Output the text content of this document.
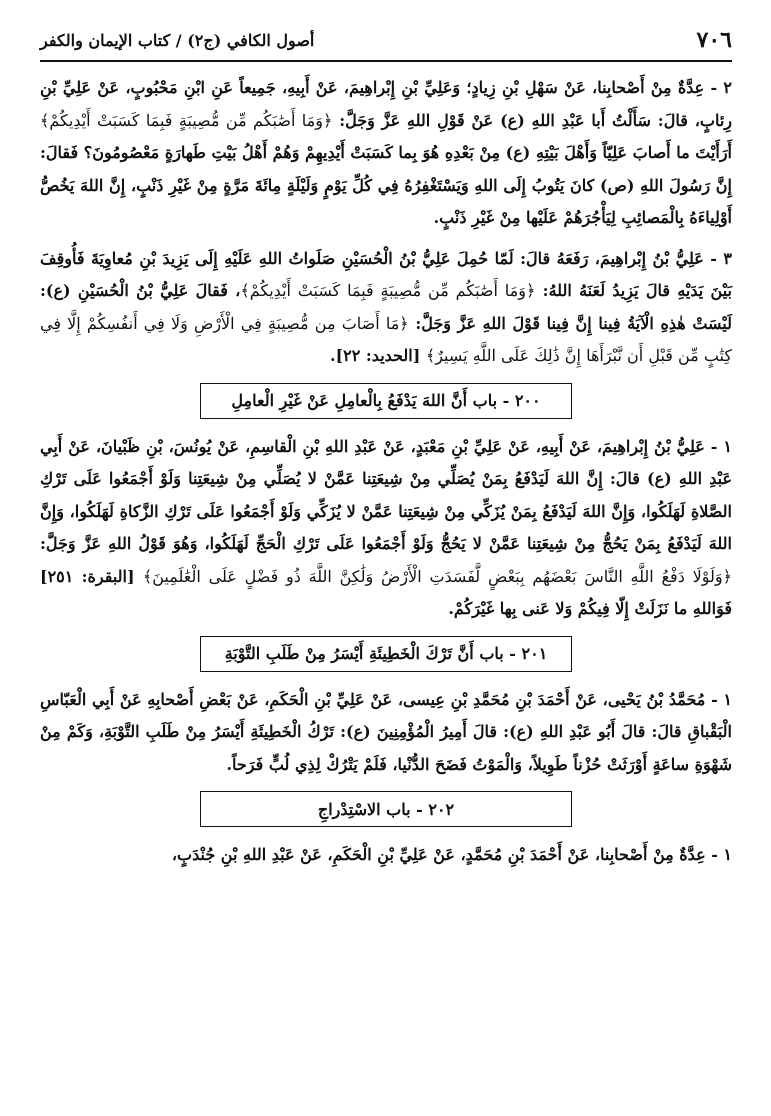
٧٠٦
أصول الكافي (ج٢) / كتاب الإيمان والكفر

٢ - عِدَّةٌ مِنْ أَصْحابِنا، عَنْ سَهْلِ بْنِ زِيادٍ؛ وَعَلِيِّ بْنِ إِبْراهِيمَ، عَنْ أَبِيهِ، جَمِيعاً عَنِ ابْنِ مَحْبُوبٍ، عَنْ عَلِيِّ بْنِ رِئابٍ، قالَ: سَأَلْتُ أَبا عَبْدِ اللهِ (ع) عَنْ قَوْلِ اللهِ عَزَّ وَجَلَّ: ﴿وَمَا أَصَٰبَكُم مِّن مُّصِيبَةٍ فَبِمَا كَسَبَتْ أَيْدِيكُمْ﴾ أَرَأَيْتَ ما أَصابَ عَلِيّاً وَأَهْلَ بَيْتِهِ (ع) مِنْ بَعْدِهِ هُوَ بِما كَسَبَتْ أَيْدِيهِمْ وَهُمْ أَهْلُ بَيْتِ طَهارَةٍ مَعْصُومُونَ؟ فَقالَ: إِنَّ رَسُولَ اللهِ (ص) كانَ يَتُوبُ إِلَى اللهِ وَيَسْتَغْفِرُهُ فِي كُلِّ يَوْمٍ وَلَيْلَةٍ مِائَةَ مَرَّةٍ مِنْ غَيْرِ ذَنْبٍ، إِنَّ اللهَ يَخُصُّ أَوْلِياءَهُ بِالْمَصائِبِ لِيَأْجُرَهُمْ عَلَيْها مِنْ غَيْرِ ذَنْبٍ.

٣ - عَلِيُّ بْنُ إِبْراهِيمَ، رَفَعَهُ قالَ: لَمّا حُمِلَ عَلِيُّ بْنُ الْحُسَيْنِ صَلَواتُ اللهِ عَلَيْهِ إِلَى يَزِيدَ بْنِ مُعاوِيَةَ فَأُوقِفَ بَيْنَ يَدَيْهِ قالَ يَزِيدُ لَعَنَهُ اللهُ: ﴿وَمَا أَصَٰبَكُم مِّن مُّصِيبَةٍ فَبِمَا كَسَبَتْ أَيْدِيكُمْ﴾، فَقالَ عَلِيُّ بْنُ الْحُسَيْنِ (ع): لَيْسَتْ هٰذِهِ الْآيَةُ فِينا إِنَّ فِينا قَوْلَ اللهِ عَزَّ وَجَلَّ: ﴿مَا أَصَابَ مِن مُّصِيبَةٍ فِي الْأَرْضِ وَلَا فِي أَنفُسِكُمْ إِلَّا فِي كِتَٰبٍ مِّن قَبْلِ أَن نَّبْرَأَهَا إِنَّ ذَٰلِكَ عَلَى اللَّهِ يَسِيرٌ﴾ [الحديد: ٢٢].

٢٠٠ - باب أَنَّ اللهَ يَدْفَعُ بِالْعامِلِ عَنْ غَيْرِ الْعامِلِ

١ - عَلِيُّ بْنُ إِبْراهِيمَ، عَنْ أَبِيهِ، عَنْ عَلِيِّ بْنِ مَعْبَدٍ، عَنْ عَبْدِ اللهِ بْنِ الْقاسِمِ، عَنْ يُونُسَ، بْنِ ظَبْيانَ، عَنْ أَبِي عَبْدِ اللهِ (ع) قالَ: إِنَّ اللهَ لَيَدْفَعُ بِمَنْ يُصَلِّي مِنْ شِيعَتِنا عَمَّنْ لا يُصَلِّي مِنْ شِيعَتِنا وَلَوْ أَجْمَعُوا عَلَى تَرْكِ الصَّلاةِ لَهَلَكُوا، وَإِنَّ اللهَ لَيَدْفَعُ بِمَنْ يُزَكِّي مِنْ شِيعَتِنا عَمَّنْ لا يُزَكِّي وَلَوْ أَجْمَعُوا عَلَى تَرْكِ الزَّكاةِ لَهَلَكُوا، وَإِنَّ اللهَ لَيَدْفَعُ بِمَنْ يَحُجُّ مِنْ شِيعَتِنا عَمَّنْ لا يَحُجُّ وَلَوْ أَجْمَعُوا عَلَى تَرْكِ الْحَجِّ لَهَلَكُوا، وَهُوَ قَوْلُ اللهِ عَزَّ وَجَلَّ: ﴿وَلَوْلَا دَفْعُ اللَّهِ النَّاسَ بَعْضَهُم بِبَعْضٍ لَّفَسَدَتِ الْأَرْضُ وَلَٰكِنَّ اللَّهَ ذُو فَضْلٍ عَلَى الْعَٰلَمِينَ﴾ [البقرة: ٢٥١] فَوَاللهِ ما نَزَلَتْ إِلّا فِيكُمْ وَلا عَنى بِها غَيْرَكُمْ.

٢٠١ - باب أَنَّ تَرْكَ الْخَطِيئَةِ أَيْسَرُ مِنْ طَلَبِ التَّوْبَةِ

١ - مُحَمَّدُ بْنُ يَحْيى، عَنْ أَحْمَدَ بْنِ مُحَمَّدِ بْنِ عِيسى، عَنْ عَلِيِّ بْنِ الْحَكَمِ، عَنْ بَعْضِ أَصْحابِهِ عَنْ أَبِي الْعَبّاسِ الْبَقْباقِ قالَ: قالَ أَبُو عَبْدِ اللهِ (ع): قالَ أَمِيرُ الْمُؤْمِنِينَ (ع): تَرْكُ الْخَطِيئَةِ أَيْسَرُ مِنْ طَلَبِ التَّوْبَةِ، وَكَمْ مِنْ شَهْوَةِ ساعَةٍ أَوْرَثَتْ حُزْناً طَوِيلاً، وَالْمَوْتُ فَضَحَ الدُّنْيا، فَلَمْ يَتْرُكْ لِذِي لُبٍّ فَرَحاً.

٢٠٢ - باب الاسْتِدْراجِ

١ - عِدَّةٌ مِنْ أَصْحابِنا، عَنْ أَحْمَدَ بْنِ مُحَمَّدٍ، عَنْ عَلِيِّ بْنِ الْحَكَمِ، عَنْ عَبْدِ اللهِ بْنِ جُنْدَبٍ،
